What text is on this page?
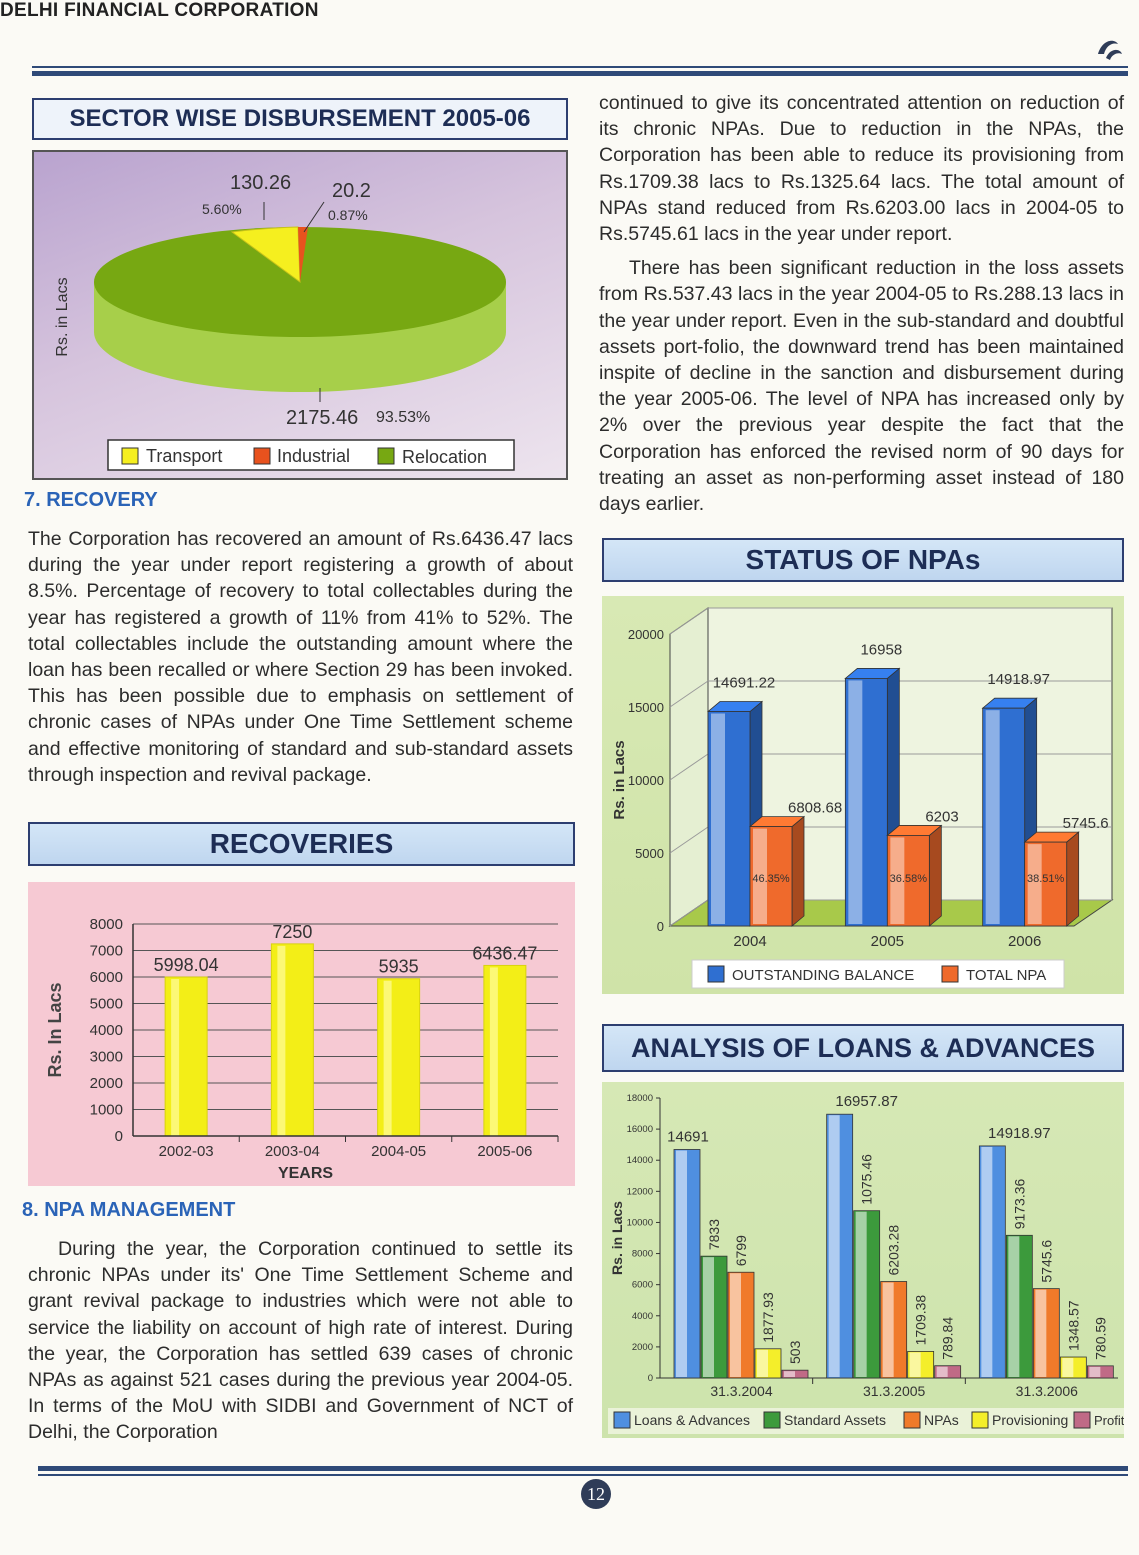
DELHI FINANCIAL CORPORATION
SECTOR WISE DISBURSEMENT 2005-06
Rs. in Lacs
130.26
5.60%
20.2
0.87%
2175.46 93.53%
Transport	Industrial	Relocation
7. RECOVERY

The Corporation has recovered an amount of Rs.6436.47 lacs during the year under report registering a growth of about 8.5%. Percentage of recovery to total collectables during the year has registered a growth of 11% from 41% to 52%. The total collectables include the outstanding amount where the loan has been recalled or where Section 29 has been invoked. This has been possible due to emphasis on settlement of chronic cases of NPAs under One Time Settlement scheme and effective monitoring of standard and sub-standard assets through inspection and revival package.

RECOVERIES
Rs. In Lacs
0
1000
2000
3000
4000
5000
6000
7000
8000
5998.04
2002-03
7250
2003-04
5935
2004-05
6436.47
2005-06
YEARS
8. NPA MANAGEMENT

During the year, the Corporation continued to settle its chronic NPAs under its' One Time Settlement Scheme and grant revival package to industries which were not able to service the liability on account of high rate of interest. During the year, the Corporation has settled 639 cases of chronic NPAs as against 521 cases during the previous year 2004-05. In terms of the MoU with SIDBI and Government of NCT of Delhi, the Corporation

continued to give its concentrated attention on reduction of its chronic NPAs. Due to reduction in the NPAs, the Corporation has been able to reduce its provisioning from Rs.1709.38 lacs to Rs.1325.64 lacs. The total amount of NPAs stand reduced from Rs.6203.00 lacs in 2004-05 to Rs.5745.61 lacs in the year under report.

There has been significant reduction in the loss assets from Rs.537.43 lacs in the year 2004-05 to Rs.288.13 lacs in the year under report. Even in the sub-standard and doubtful assets port-folio, the downward trend has been maintained inspite of decline in the sanction and disbursement during the year 2005-06. The level of NPA has increased only by 2% over the previous year despite the fact that the Corporation has enforced the revised norm of 90 days for treating an asset as non-performing asset instead of 180 days earlier.

STATUS OF NPAs
Rs. in Lacs
0
5000
10000
15000
20000
14691.22
6808.68
46.35%
2004
16958
6203
36.58%
2005
14918.97
5745.6
38.51%
2006
OUTSTANDING BALANCE	TOTAL NPA
ANALYSIS OF LOANS & ADVANCES
Rs. in Lacs
0
2000
4000
6000
8000
10000
12000
14000
16000
18000
14691
7833
6799
1877.93
503
31.3.2004
16957.87
1075.46
6203.28
1709.38 789.84
31.3.2005
14918.97
9173.36
5745.6
1348.57 780.59
31.3.2006
Loans & Advances Standard Assets	NPAs Provisioning Profit
12
